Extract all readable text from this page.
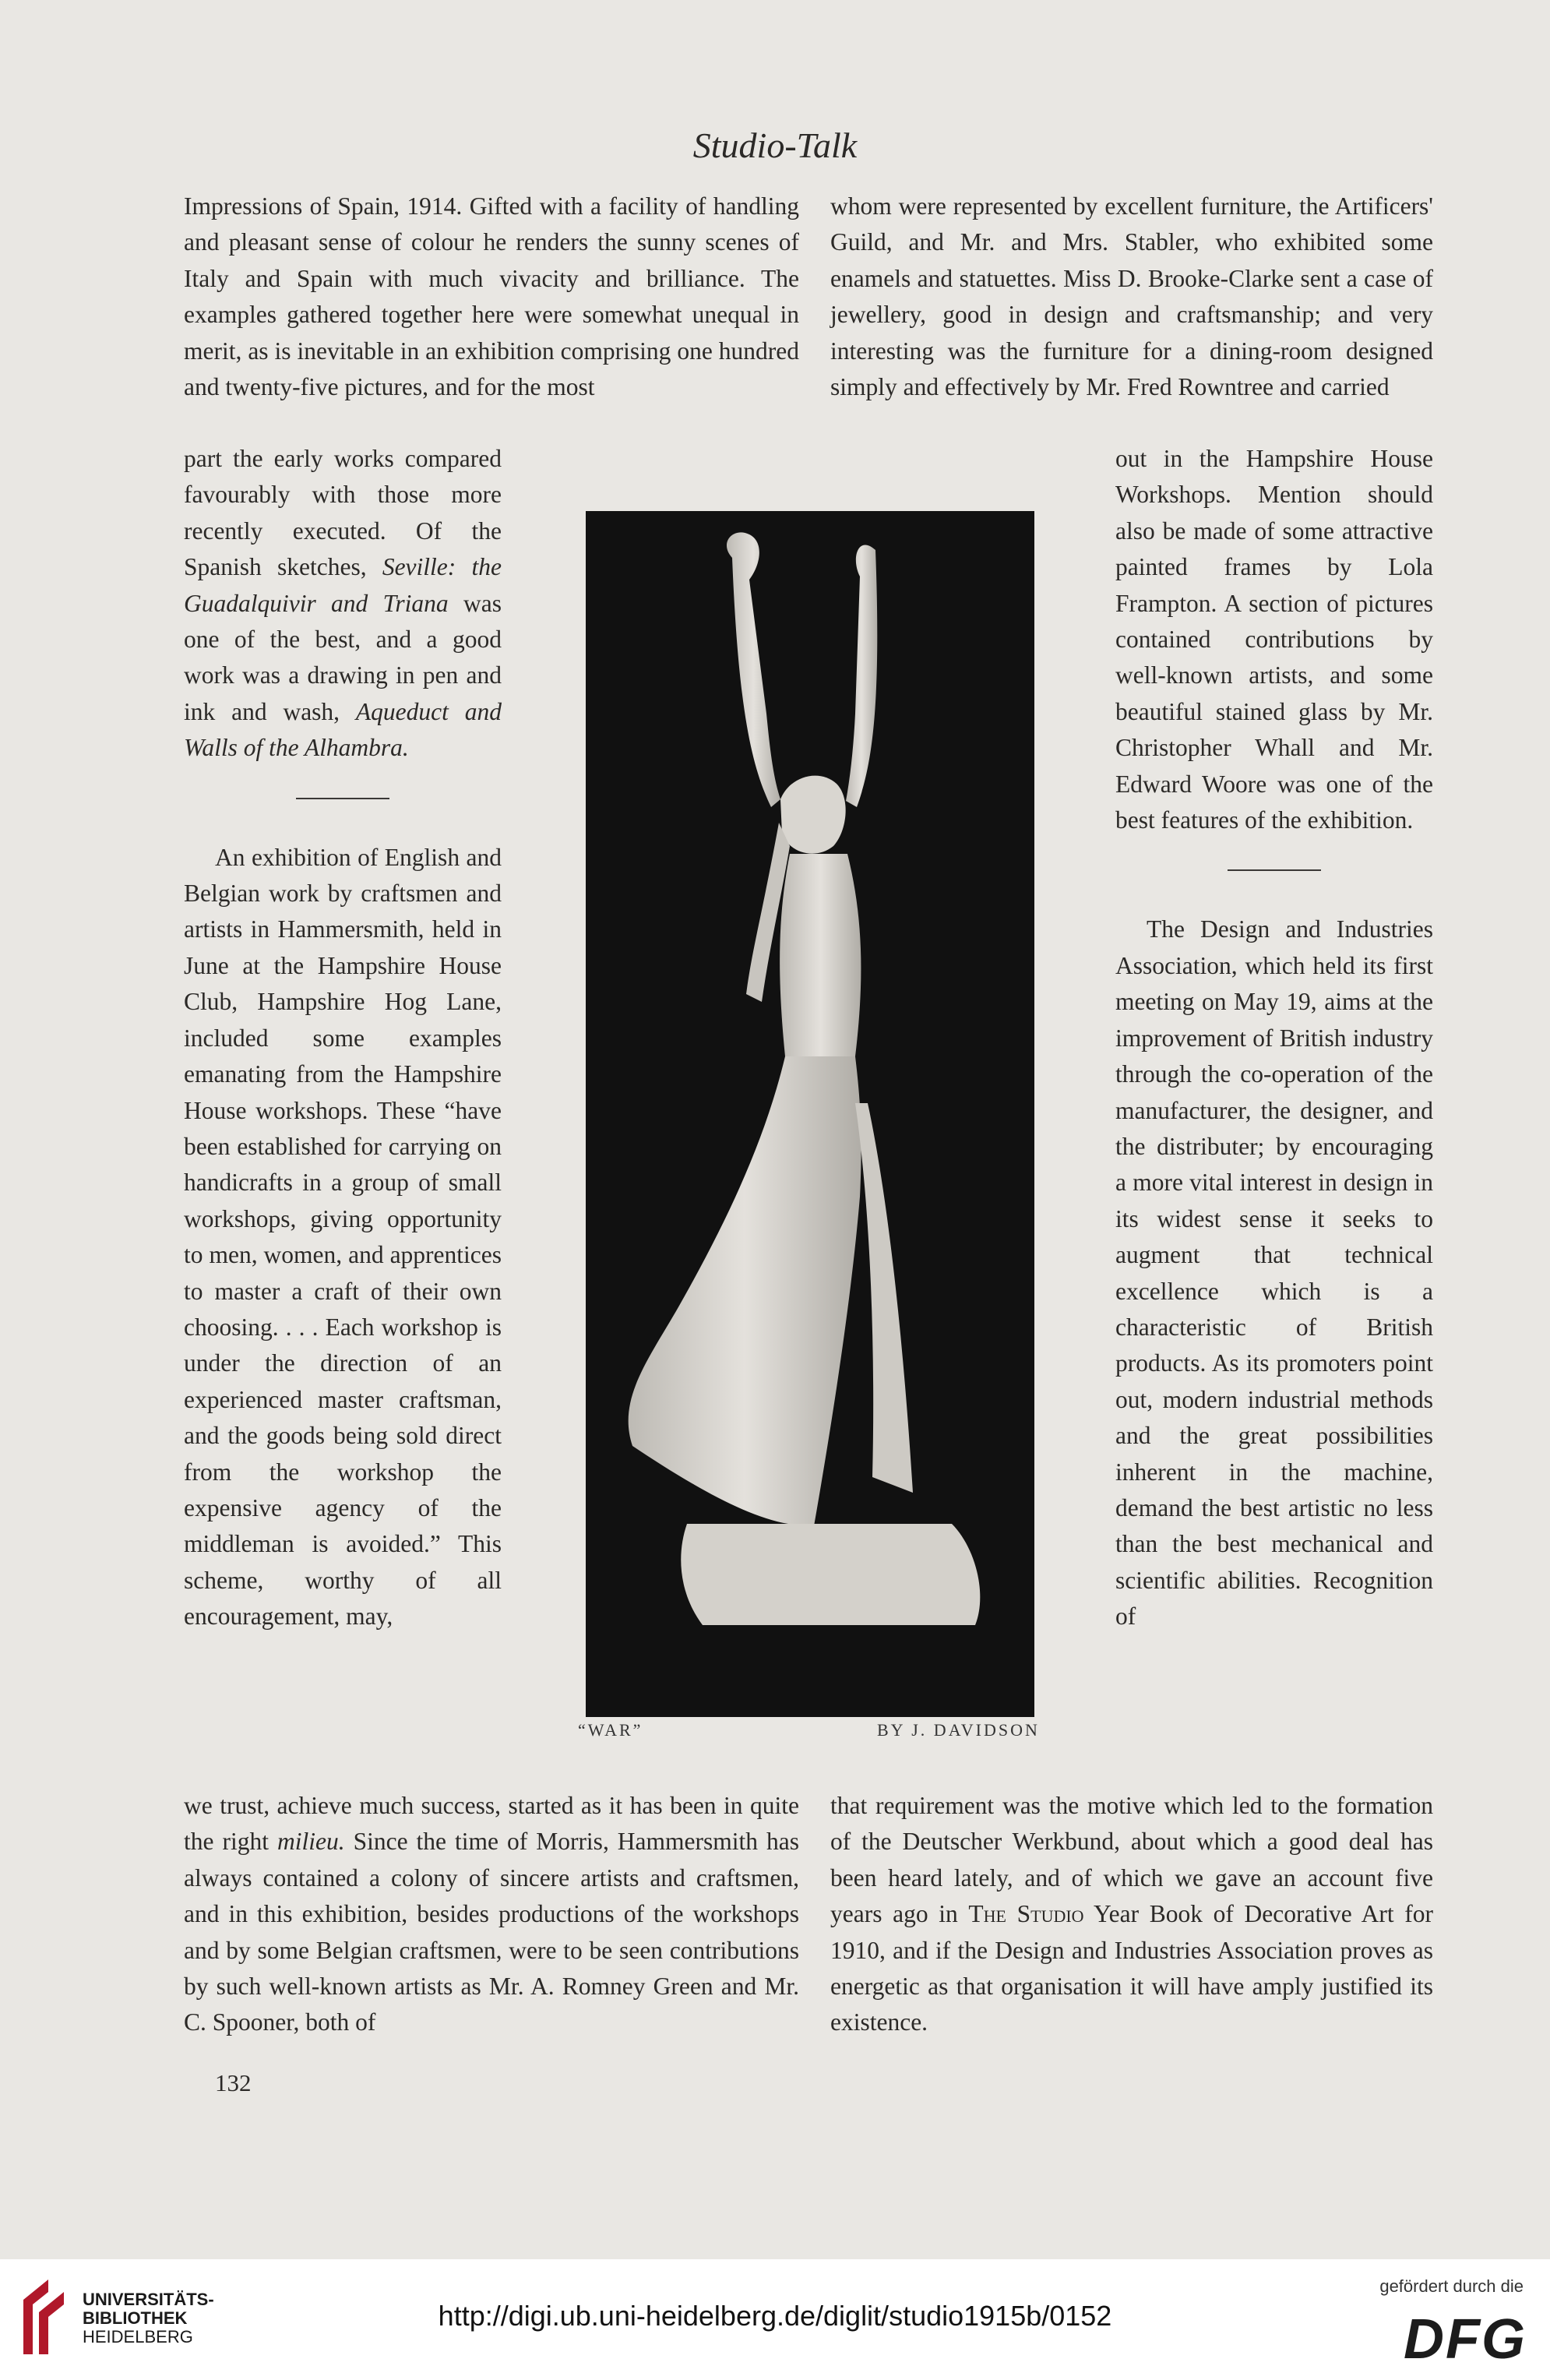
Studio-Talk

Impressions of Spain, 1914. Gifted with a facility of handling and pleasant sense of colour he renders the sunny scenes of Italy and Spain with much vivacity and brilliance. The examples gathered together here were somewhat unequal in merit, as is inevitable in an exhibition comprising one hundred and twenty-five pictures, and for the most

whom were represented by excellent furniture, the Artificers' Guild, and Mr. and Mrs. Stabler, who exhibited some enamels and statuettes. Miss D. Brooke-Clarke sent a case of jewellery, good in design and craftsmanship; and very interesting was the furniture for a dining-room designed simply and effectively by Mr. Fred Rowntree and carried

part the early works compared favourably with those more recently executed. Of the Spanish sketches, Seville: the Guadalquivir and Triana was one of the best, and a good work was a drawing in pen and ink and wash, Aqueduct and Walls of the Alhambra.

An exhibition of English and Belgian work by craftsmen and artists in Hammersmith, held in June at the Hampshire House Club, Hampshire Hog Lane, included some examples emanating from the Hampshire House workshops. These “have been established for carrying on handicrafts in a group of small workshops, giving opportunity to men, women, and apprentices to master a craft of their own choosing. . . . Each workshop is under the direction of an experienced master craftsman, and the goods being sold direct from the workshop the expensive agency of the middleman is avoided.” This scheme, worthy of all encouragement, may,

out in the Hampshire House Workshops. Mention should also be made of some attractive painted frames by Lola Frampton. A section of pictures contained contributions by well-known artists, and some beautiful stained glass by Mr. Christopher Whall and Mr. Edward Woore was one of the best features of the exhibition.

The Design and Industries Association, which held its first meeting on May 19, aims at the improvement of British industry through the co-operation of the manufacturer, the designer, and the distributer; by encouraging a more vital interest in design in its widest sense it seeks to augment that technical excellence which is a characteristic of British products. As its promoters point out, modern industrial methods and the great possibilities inherent in the machine, demand the best artistic no less than the best mechanical and scientific abilities. Recognition of

“WAR”	BY J. DAVIDSON

we trust, achieve much success, started as it has been in quite the right milieu. Since the time of Morris, Hammersmith has always contained a colony of sincere artists and craftsmen, and in this exhibition, besides productions of the workshops and by some Belgian craftsmen, were to be seen contributions by such well-known artists as Mr. A. Romney Green and Mr. C. Spooner, both of

that requirement was the motive which led to the formation of the Deutscher Werkbund, about which a good deal has been heard lately, and of which we gave an account five years ago in The Studio Year Book of Decorative Art for 1910, and if the Design and Industries Association proves as energetic as that organisation it will have amply justified its existence.

132
UNIVERSITÄTS-
BIBLIOTHEK
HEIDELBERG
http://digi.ub.uni-heidelberg.de/diglit/studio1915b/0152
gefördert durch die
DFG
